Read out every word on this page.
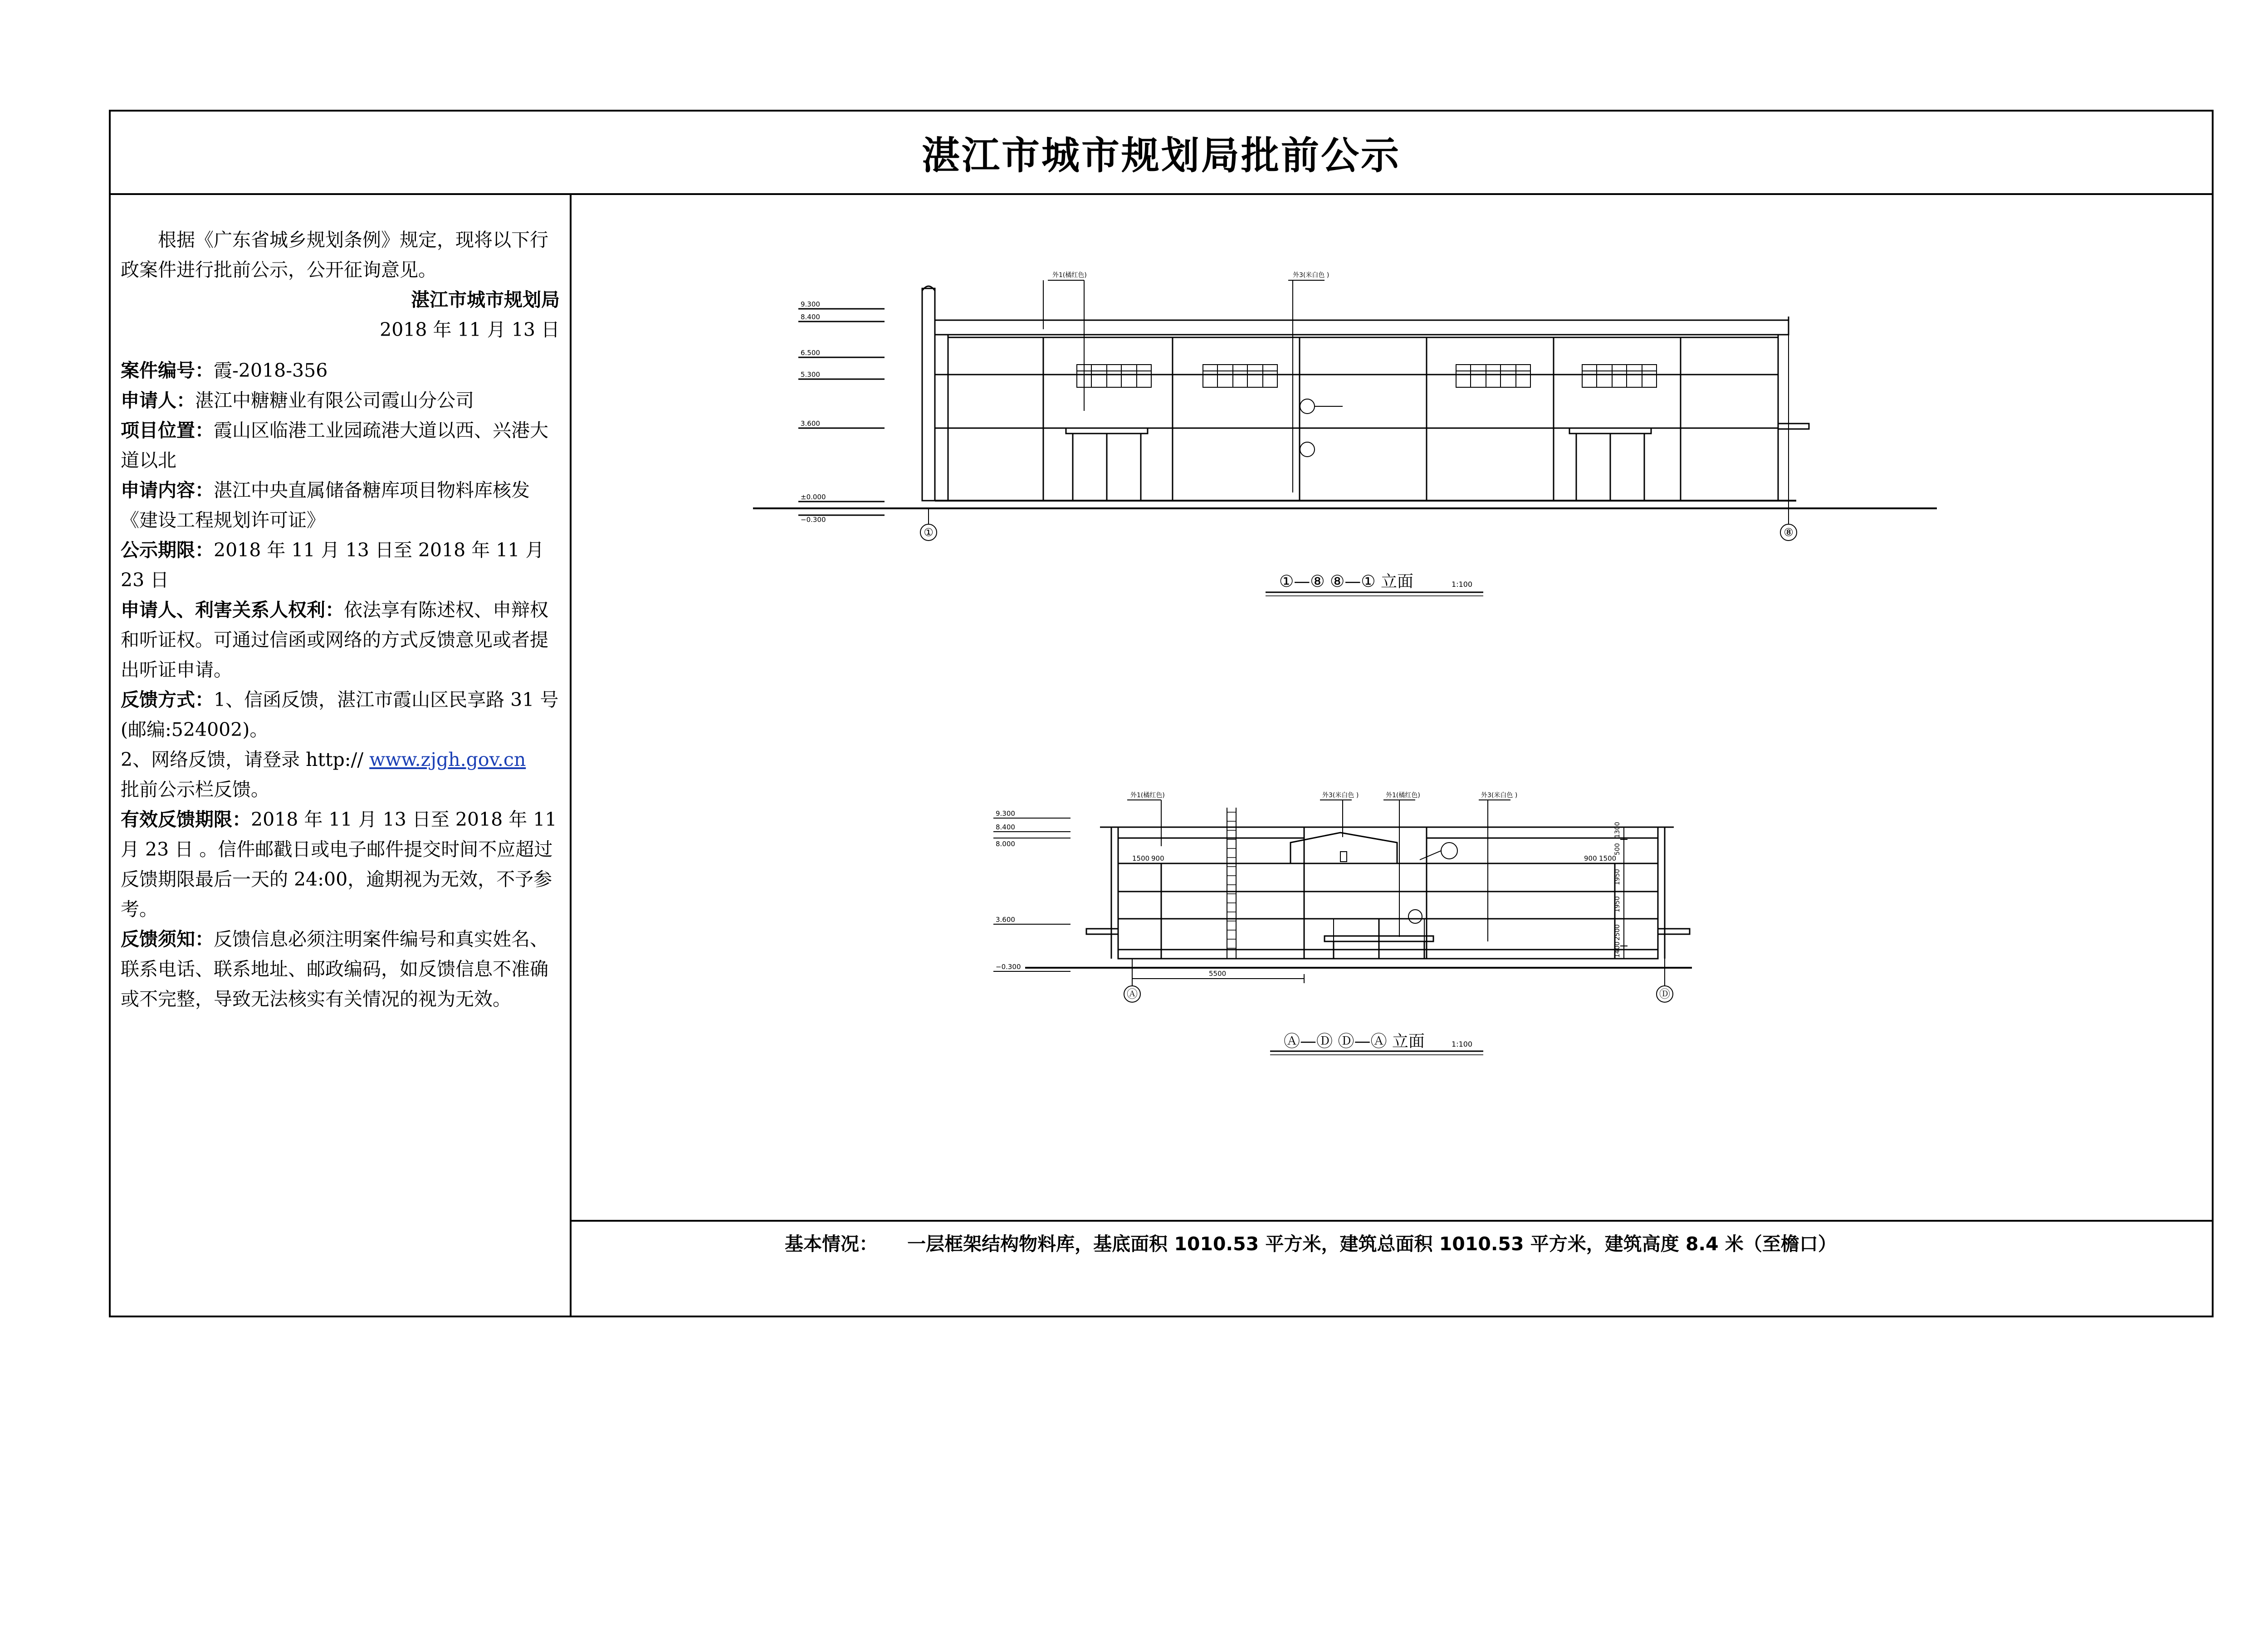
湛江市城市规划局批前公示

根据《广东省城乡规划条例》规定，现将以下行政案件进行批前公示，公开征询意见。

湛江市城市规划局

2018 年 11 月 13 日

案件编号：霞-2018-356

申请人：湛江中糖糖业有限公司霞山分公司

项目位置：霞山区临港工业园疏港大道以西、兴港大道以北

申请内容：湛江中央直属储备糖库项目物料库核发《建设工程规划许可证》

公示期限：2018 年 11 月 13 日至 2018 年 11 月 23 日

申请人、利害关系人权利：依法享有陈述权、申辩权和听证权。可通过信函或网络的方式反馈意见或者提出听证申请。

反馈方式：1、信函反馈，湛江市霞山区民享路 31 号(邮编:524002)。

2、网络反馈，请登录 http:// www.zjgh.gov.cn
批前公示栏反馈。

有效反馈期限：2018 年 11 月 13 日至 2018 年 11 月 23 日 。信件邮戳日或电子邮件提交时间不应超过反馈期限最后一天的 24:00，逾期视为无效，不予参考。

反馈须知：反馈信息必须注明案件编号和真实姓名、联系电话、联系地址、邮政编码，如反馈信息不准确或不完整，导致无法核实有关情况的视为无效。

9.300
8.400
6.500
5.300
3.600
±0.000
−0.300
外1(橘红色)	外3(米白色 )
①	⑧
①—⑧ ⑧—① 立面	1:100
9.300
8.400
8.000
3.600
−0.300
1500 900	900 1500
5500
外1(橘红色)	外3(米白色 )	外1(橘红色)	外3(米白色 )
1300
500
1950
1950
2500
1400
Ⓐ	Ⓓ
Ⓐ—Ⓓ Ⓓ—Ⓐ 立面	1:100
基本情况： 一层框架结构物料库，基底面积 1010.53 平方米，建筑总面积 1010.53 平方米，建筑高度 8.4 米（至檐口）
